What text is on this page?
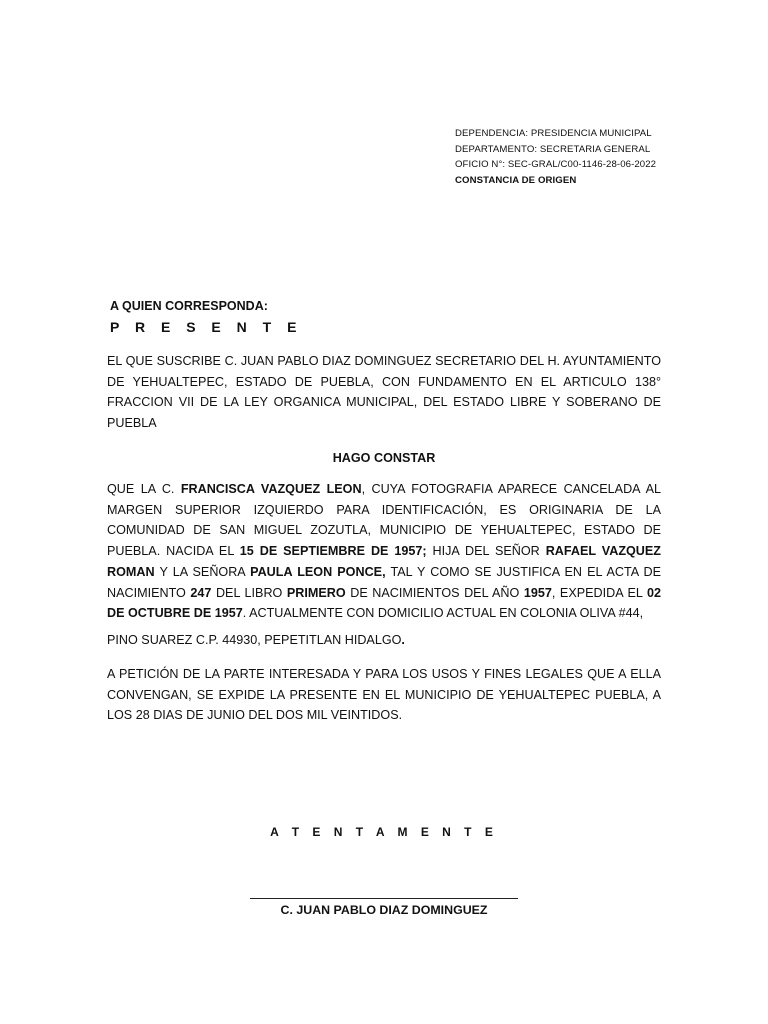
DEPENDENCIA: PRESIDENCIA MUNICIPAL
DEPARTAMENTO: SECRETARIA GENERAL
OFICIO N°: SEC-GRAL/C00-1146-28-06-2022
CONSTANCIA DE ORIGEN
A QUIEN CORRESPONDA:
P R E S E N T E
EL QUE SUSCRIBE C. JUAN PABLO DIAZ DOMINGUEZ SECRETARIO DEL H. AYUNTAMIENTO DE YEHUALTEPEC, ESTADO DE PUEBLA, CON FUNDAMENTO EN EL ARTICULO 138° FRACCION VII DE LA LEY ORGANICA MUNICIPAL, DEL ESTADO LIBRE Y SOBERANO DE PUEBLA
HAGO CONSTAR
QUE LA C. FRANCISCA VAZQUEZ LEON, CUYA FOTOGRAFIA APARECE CANCELADA AL MARGEN SUPERIOR IZQUIERDO PARA IDENTIFICACIÓN, ES ORIGINARIA DE LA COMUNIDAD DE SAN MIGUEL ZOZUTLA, MUNICIPIO DE YEHUALTEPEC, ESTADO DE PUEBLA. NACIDA EL 15 DE SEPTIEMBRE DE 1957; HIJA DEL SEÑOR RAFAEL VAZQUEZ ROMAN Y LA SEÑORA PAULA LEON PONCE, TAL Y COMO SE JUSTIFICA EN EL ACTA DE NACIMIENTO 247 DEL LIBRO PRIMERO DE NACIMIENTOS DEL AÑO 1957, EXPEDIDA EL 02 DE OCTUBRE DE 1957. ACTUALMENTE CON DOMICILIO ACTUAL EN COLONIA OLIVA #44,
PINO SUAREZ C.P. 44930, PEPETITLAN HIDALGO.
A PETICIÓN DE LA PARTE INTERESADA Y PARA LOS USOS Y FINES LEGALES QUE A ELLA CONVENGAN, SE EXPIDE LA PRESENTE EN EL MUNICIPIO DE YEHUALTEPEC PUEBLA, A LOS 28 DIAS DE JUNIO DEL DOS MIL VEINTIDOS.
A T E N T A M E N T E
C. JUAN PABLO DIAZ DOMINGUEZ
